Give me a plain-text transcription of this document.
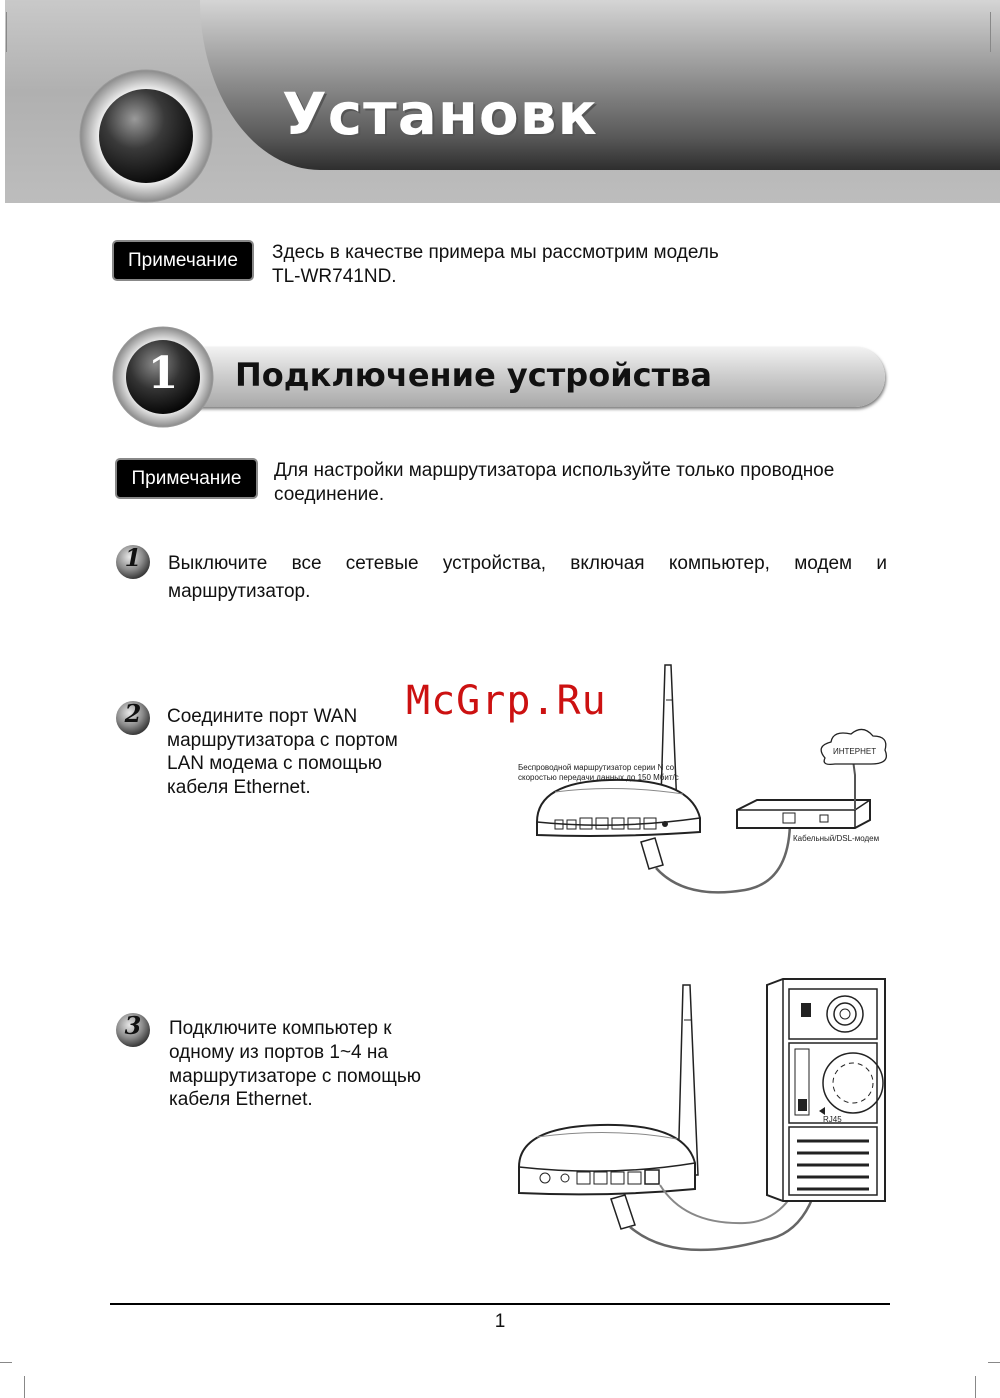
Установк
Примечание	Здесь в качестве примера мы рассмотрим модель
TL-WR741ND.
1	Подключение устройства
Примечание	Для настройки маршрутизатора используйте только проводное
соединение.
1	Выключите все сетевые устройства, включая компьютер, модем и
маршрутизатор.
McGrp.Ru
2	Соедините порт WAN
маршрутизатора с портом
LAN модема с помощью
кабеля Ethernet.
Беспроводной маршрутизатор серии N со
скоростью передачи данных до 150 Мбит/с
ИНТЕРНЕТ
Кабельный/DSL-модем
3	Подключите компьютер к
одному из портов 1~4 на
маршрутизаторе с помощью
кабеля Ethernet.
RJ45
1
